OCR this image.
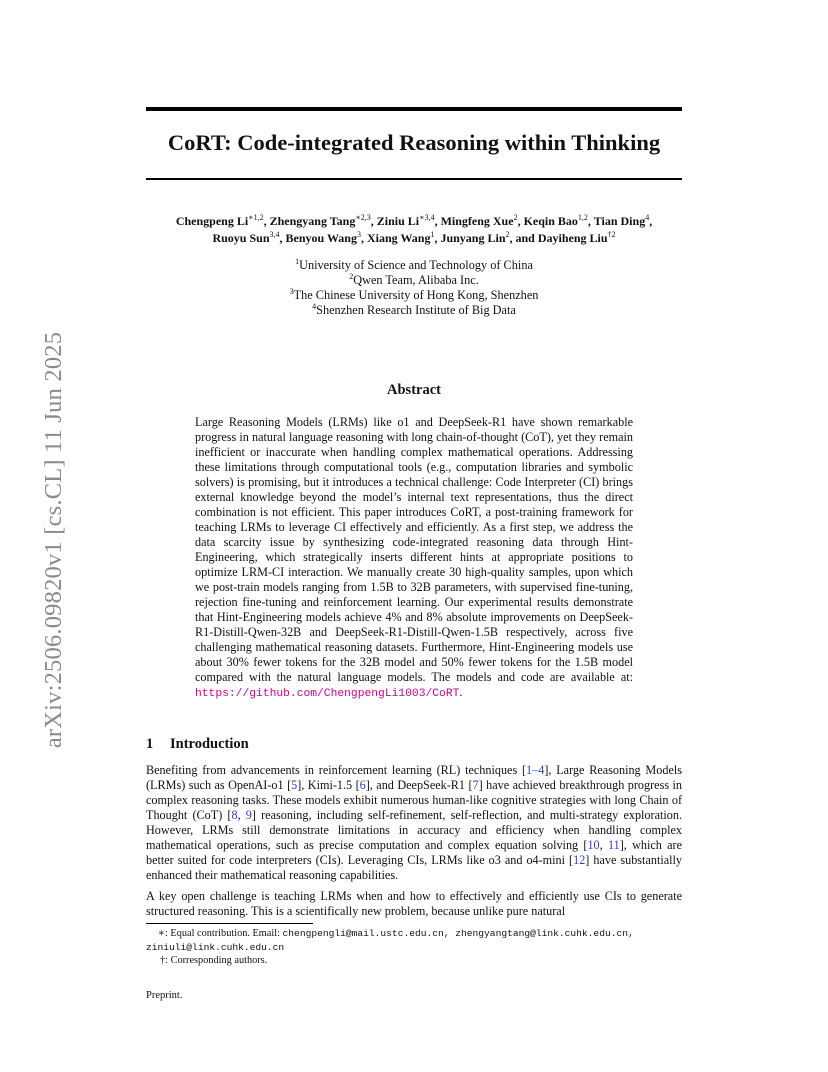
arXiv:2506.09820v1 [cs.CL] 11 Jun 2025
CoRT: Code-integrated Reasoning within Thinking
Chengpeng $Li^{∗1,2}$, Zhengyang Tang$^{∗2,3}$, Ziniu $Li^{∗3,4}$, Mingfeng Xue$^2$, Keqin Bao$^{1,2}$, Tian Ding$^4$,
Ruoyu Sun$^{3,4}$, Benyou Wang$^3$, Xiang Wang$^1$, Junyang Lin$^2$, and Dayiheng Liu$^{\dagger 2}$
$^1$University of Science and Technology of China
$^2$Qwen Team, Alibaba Inc.
$^3$The Chinese University of Hong Kong, Shenzhen
$^4$Shenzhen Research Institute of Big Data
Abstract

Large Reasoning Models (LRMs) like o1 and DeepSeek-R1 have shown remarkable progress in natural language reasoning with long chain-of-thought (CoT), yet they remain inefficient or inaccurate when handling complex mathematical operations. Addressing these limitations through computational tools (e.g., computation libraries and symbolic solvers) is promising, but it introduces a technical challenge: Code Interpreter (CI) brings external knowledge beyond the model’s internal text representations, thus the direct combination is not efficient. This paper introduces CoRT, a post-training framework for teaching LRMs to leverage CI effectively and efficiently. As a first step, we address the data scarcity issue by synthesizing code-integrated reasoning data through Hint-Engineering, which strategically inserts different hints at appropriate positions to optimize LRM-CI interaction. We manually create 30 high-quality samples, upon which we post-train models ranging from 1.5B to 32B parameters, with supervised fine-tuning, rejection fine-tuning and reinforcement learning. Our experimental results demonstrate that Hint-Engineering models achieve 4% and 8% absolute improvements on DeepSeek-R1-Distill-Qwen-32B and DeepSeek-R1-Distill-Qwen-1.5B respectively, across five challenging mathematical reasoning datasets. Furthermore, Hint-Engineering models use about 30% fewer tokens for the 32B model and 50% fewer tokens for the 1.5B model compared with the natural language models. The models and code are available at: https://github.com/ChengpengLi1003/CoRT.

1 Introduction

Benefiting from advancements in reinforcement learning (RL) techniques [1–4], Large Reasoning Models (LRMs) such as OpenAI-o1 [5], Kimi-1.5 [6], and DeepSeek-R1 [7] have achieved breakthrough progress in complex reasoning tasks. These models exhibit numerous human-like cognitive strategies with long Chain of Thought (CoT) [8, 9] reasoning, including self-refinement, self-reflection, and multi-strategy exploration. However, LRMs still demonstrate limitations in accuracy and efficiency when handling complex mathematical operations, such as precise computation and complex equation solving [10, 11], which are better suited for code interpreters (CIs). Leveraging CIs, LRMs like o3 and o4-mini [12] have substantially enhanced their mathematical reasoning capabilities.

A key open challenge is teaching LRMs when and how to effectively and efficiently use CIs to generate structured reasoning. This is a scientifically new problem, because unlike pure natural

∗: Equal contribution. Email: chengpengli@mail.ustc.edu.cn, zhengyangtang@link.cuhk.edu.cn, ziniuli@link.cuhk.edu.cn

†: Corresponding authors.
Preprint.
